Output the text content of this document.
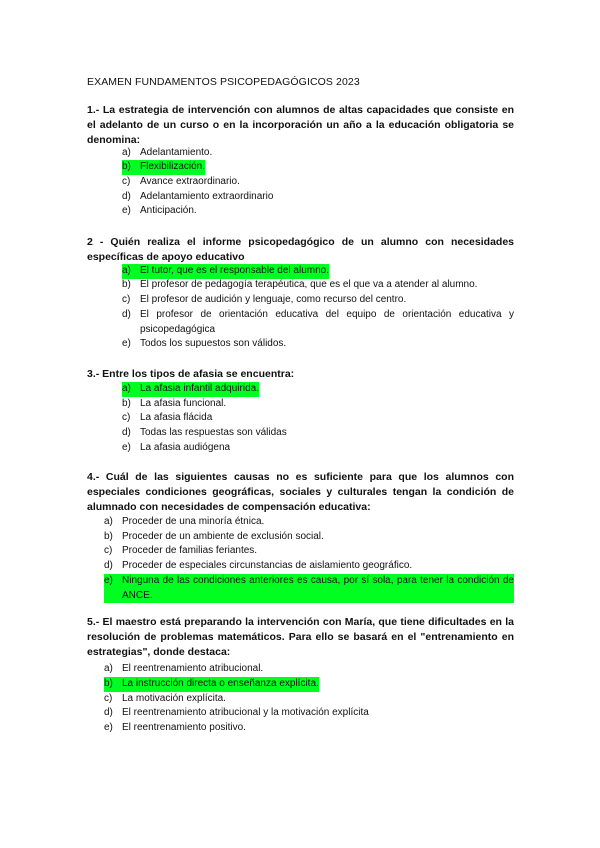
EXAMEN FUNDAMENTOS PSICOPEDAGÓGICOS 2023
1.- La estrategia de intervención con alumnos de altas capacidades que consiste en el adelanto de un curso o en la incorporación un año a la educación obligatoria se denomina:
a) Adelantamiento.
b) Flexibilización.
c) Avance extraordinario.
d) Adelantamiento extraordinario
e) Anticipación.
2 - Quién realiza el informe psicopedagógico de un alumno con necesidades específicas de apoyo educativo
a) El tutor, que es el responsable del alumno.
b) El profesor de pedagogía terapéutica, que es el que va a atender al alumno.
c) El profesor de audición y lenguaje, como recurso del centro.
d) El profesor de orientación educativa del equipo de orientación educativa y psicopedagógica
e) Todos los supuestos son válidos.
3.- Entre los tipos de afasia se encuentra:
a) La afasia infantil adquirida.
b) La afasia funcional.
c) La afasia flácida
d) Todas las respuestas son válidas
e) La afasia audiógena
4.- Cuál de las siguientes causas no es suficiente para que los alumnos con especiales condiciones geográficas, sociales y culturales tengan la condición de alumnado con necesidades de compensación educativa:
a) Proceder de una minoría étnica.
b) Proceder de un ambiente de exclusión social.
c) Proceder de familias feriantes.
d) Proceder de especiales circunstancias de aislamiento geográfico.
e) Ninguna de las condiciones anteriores es causa, por sí sola, para tener la condición de ANCE.
5.- El maestro está preparando la intervención con María, que tiene dificultades en la resolución de problemas matemáticos. Para ello se basará en el "entrenamiento en estrategias", donde destaca:
a) El reentrenamiento atribucional.
b) La instrucción directa o enseñanza explícita.
c) La motivación explícita.
d) El reentrenamiento atribucional y la motivación explícita
e) El reentrenamiento positivo.
